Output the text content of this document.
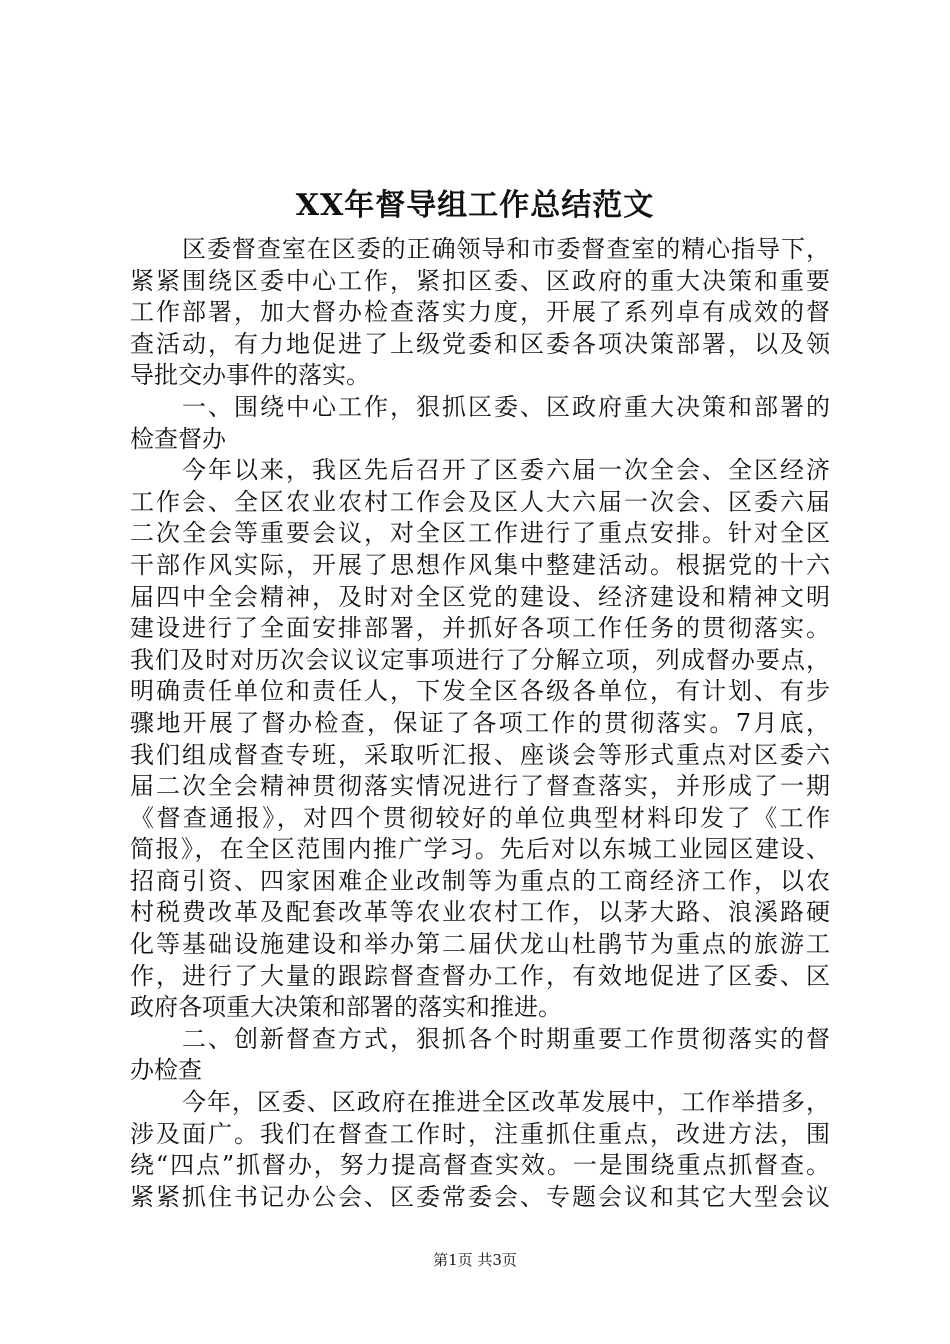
XX年督导组工作总结范文
区委督查室在区委的正确领导和市委督查室的精心指导下，
紧紧围绕区委中心工作，紧扣区委、区政府的重大决策和重要
工作部署，加大督办检查落实力度，开展了系列卓有成效的督
查活动，有力地促进了上级党委和区委各项决策部署，以及领
导批交办事件的落实。
一、围绕中心工作，狠抓区委、区政府重大决策和部署的
检查督办
今年以来，我区先后召开了区委六届一次全会、全区经济
工作会、全区农业农村工作会及区人大六届一次会、区委六届
二次全会等重要会议，对全区工作进行了重点安排。针对全区
干部作风实际，开展了思想作风集中整建活动。根据党的十六
届四中全会精神，及时对全区党的建设、经济建设和精神文明
建设进行了全面安排部署，并抓好各项工作任务的贯彻落实。
我们及时对历次会议议定事项进行了分解立项，列成督办要点，
明确责任单位和责任人，下发全区各级各单位，有计划、有步
骤地开展了督办检查，保证了各项工作的贯彻落实。7月底，
我们组成督查专班，采取听汇报、座谈会等形式重点对区委六
届二次全会精神贯彻落实情况进行了督查落实，并形成了一期
《督查通报》，对四个贯彻较好的单位典型材料印发了《工作
简报》，在全区范围内推广学习。先后对以东城工业园区建设、
招商引资、四家困难企业改制等为重点的工商经济工作，以农
村税费改革及配套改革等农业农村工作，以茅大路、浪溪路硬
化等基础设施建设和举办第二届伏龙山杜鹃节为重点的旅游工
作，进行了大量的跟踪督查督办工作，有效地促进了区委、区
政府各项重大决策和部署的落实和推进。
二、创新督查方式，狠抓各个时期重要工作贯彻落实的督
办检查
今年，区委、区政府在推进全区改革发展中，工作举措多，
涉及面广。我们在督查工作时，注重抓住重点，改进方法，围
绕“四点”抓督办，努力提高督查实效。一是围绕重点抓督查。
紧紧抓住书记办公会、区委常委会、专题会议和其它大型会议
第1页 共3页
